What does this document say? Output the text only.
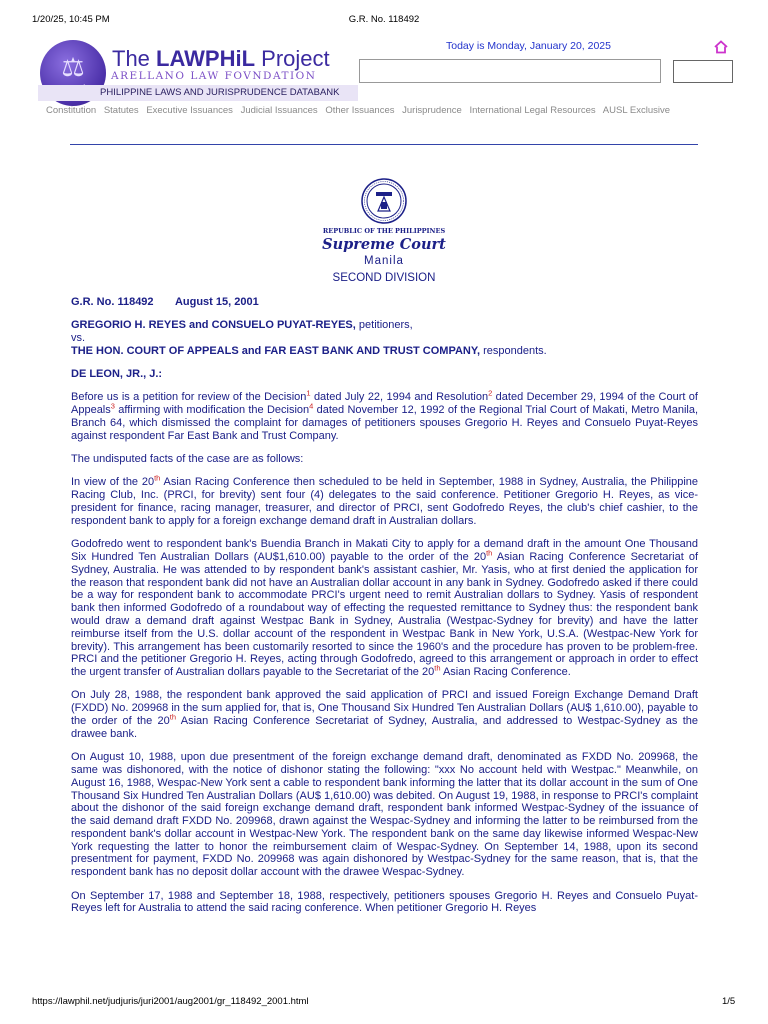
1/20/25, 10:45 PM	G.R. No. 118492
⚖ The LAWPHiL Project
ARELLANO LAW FOVNDATION
PHILIPPINE LAWS AND JURISPRUDENCE DATABANK
Today is Monday, January 20, 2025
Constitution Statutes Executive Issuances Judicial Issuances Other Issuances Jurisprudence International Legal Resources AUSL Exclusive
REPUBLIC OF THE PHILIPPINES
Supreme Court
Manila
SECOND DIVISION

G.R. No. 118492 August 15, 2001

GREGORIO H. REYES and CONSUELO PUYAT-REYES, petitioners,

vs.

THE HON. COURT OF APPEALS and FAR EAST BANK AND TRUST COMPANY, respondents.

DE LEON, JR., J.:

Before us is a petition for review of the Decision$^1$ dated July 22, 1994 and Resolution$^2$ dated December 29, 1994 of the Court of Appeals$^3$ affirming with modification the Decision$^4$ dated November 12, 1992 of the Regional Trial Court of Makati, Metro Manila, Branch 64, which dismissed the complaint for damages of petitioners spouses Gregorio H. Reyes and Consuelo Puyat-Reyes against respondent Far East Bank and Trust Company.

The undisputed facts of the case are as follows:

In view of the 20th Asian Racing Conference then scheduled to be held in September, 1988 in Sydney, Australia, the Philippine Racing Club, Inc. (PRCI, for brevity) sent four (4) delegates to the said conference. Petitioner Gregorio H. Reyes, as vice-president for finance, racing manager, treasurer, and director of PRCI, sent Godofredo Reyes, the club's chief cashier, to the respondent bank to apply for a foreign exchange demand draft in Australian dollars.

Godofredo went to respondent bank's Buendia Branch in Makati City to apply for a demand draft in the amount One Thousand Six Hundred Ten Australian Dollars (AU$1,610.00) payable to the order of the 20th Asian Racing Conference Secretariat of Sydney, Australia. He was attended to by respondent bank's assistant cashier, Mr. Yasis, who at first denied the application for the reason that respondent bank did not have an Australian dollar account in any bank in Sydney. Godofredo asked if there could be a way for respondent bank to accommodate PRCI's urgent need to remit Australian dollars to Sydney. Yasis of respondent bank then informed Godofredo of a roundabout way of effecting the requested remittance to Sydney thus: the respondent bank would draw a demand draft against Westpac Bank in Sydney, Australia (Westpac-Sydney for brevity) and have the latter reimburse itself from the U.S. dollar account of the respondent in Westpac Bank in New York, U.S.A. (Westpac-New York for brevity). This arrangement has been customarily resorted to since the 1960's and the procedure has proven to be problem-free. PRCI and the petitioner Gregorio H. Reyes, acting through Godofredo, agreed to this arrangement or approach in order to effect the urgent transfer of Australian dollars payable to the Secretariat of the 20th Asian Racing Conference.

On July 28, 1988, the respondent bank approved the said application of PRCI and issued Foreign Exchange Demand Draft (FXDD) No. 209968 in the sum applied for, that is, One Thousand Six Hundred Ten Australian Dollars (AU$ 1,610.00), payable to the order of the 20th Asian Racing Conference Secretariat of Sydney, Australia, and addressed to Westpac-Sydney as the drawee bank.

On August 10, 1988, upon due presentment of the foreign exchange demand draft, denominated as FXDD No. 209968, the same was dishonored, with the notice of dishonor stating the following: "xxx No account held with Westpac." Meanwhile, on August 16, 1988, Wespac-New York sent a cable to respondent bank informing the latter that its dollar account in the sum of One Thousand Six Hundred Ten Australian Dollars (AU$ 1,610.00) was debited. On August 19, 1988, in response to PRCI's complaint about the dishonor of the said foreign exchange demand draft, respondent bank informed Westpac-Sydney of the issuance of the said demand draft FXDD No. 209968, drawn against the Wespac-Sydney and informing the latter to be reimbursed from the respondent bank's dollar account in Westpac-New York. The respondent bank on the same day likewise informed Wespac-New York requesting the latter to honor the reimbursement claim of Wespac-Sydney. On September 14, 1988, upon its second presentment for payment, FXDD No. 209968 was again dishonored by Westpac-Sydney for the same reason, that is, that the respondent bank has no deposit dollar account with the drawee Wespac-Sydney.

On September 17, 1988 and September 18, 1988, respectively, petitioners spouses Gregorio H. Reyes and Consuelo Puyat-Reyes left for Australia to attend the said racing conference. When petitioner Gregorio H. Reyes

https://lawphil.net/judjuris/juri2001/aug2001/gr_118492_2001.html	1/5
